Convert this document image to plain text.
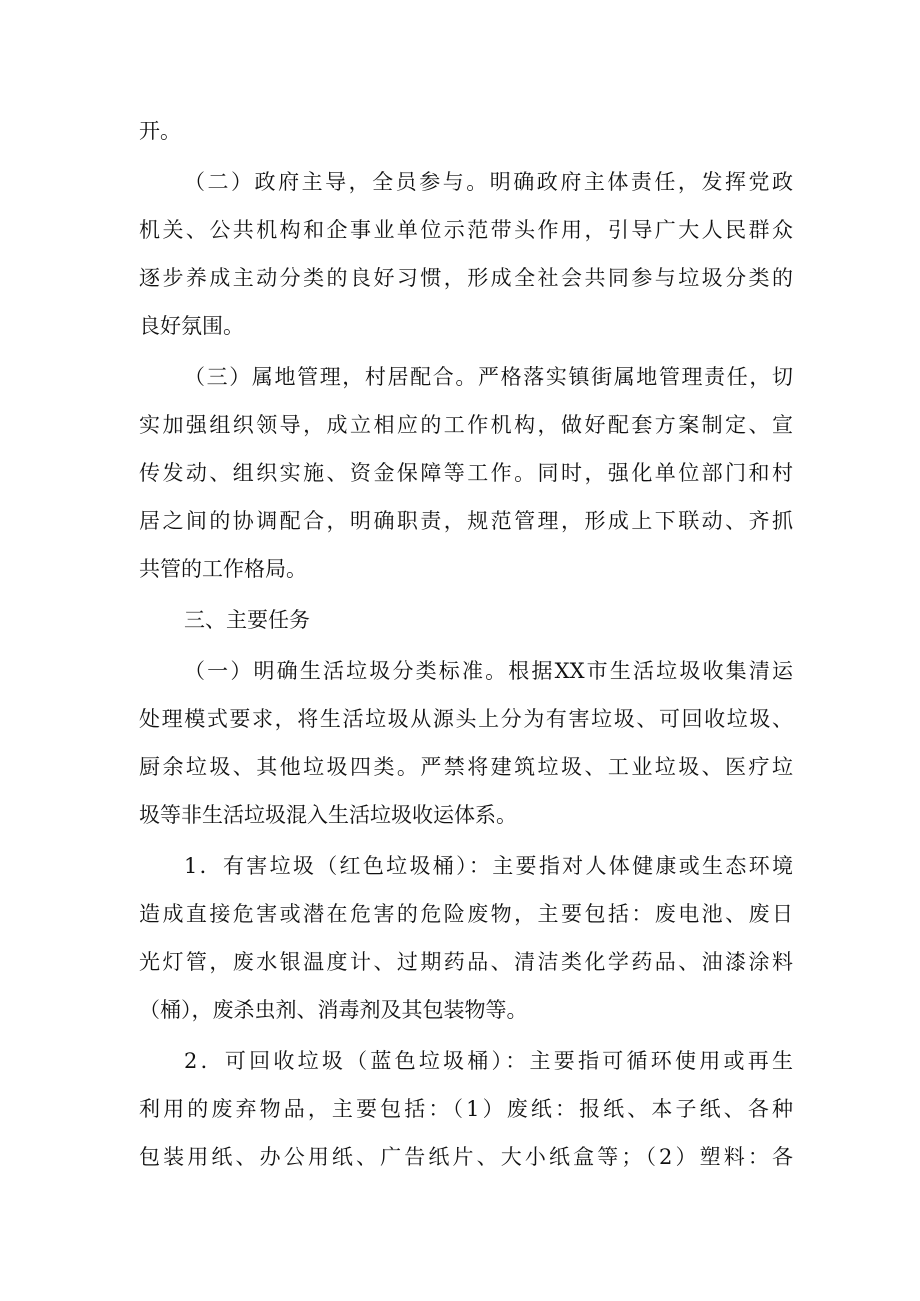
开。
（二）政府主导，全员参与。明确政府主体责任，发挥党政
机关、公共机构和企事业单位示范带头作用，引导广大人民群众
逐步养成主动分类的良好习惯，形成全社会共同参与垃圾分类的
良好氛围。
（三）属地管理，村居配合。严格落实镇街属地管理责任，切
实加强组织领导，成立相应的工作机构，做好配套方案制定、宣
传发动、组织实施、资金保障等工作。同时，强化单位部门和村
居之间的协调配合，明确职责，规范管理，形成上下联动、齐抓
共管的工作格局。
三、主要任务
（一）明确生活垃圾分类标准。根据XX市生活垃圾收集清运
处理模式要求，将生活垃圾从源头上分为有害垃圾、可回收垃圾、
厨余垃圾、其他垃圾四类。严禁将建筑垃圾、工业垃圾、医疗垃
圾等非生活垃圾混入生活垃圾收运体系。
1．有害垃圾（红色垃圾桶）：主要指对人体健康或生态环境
造成直接危害或潜在危害的危险废物，主要包括：废电池、废日
光灯管，废水银温度计、过期药品、清洁类化学药品、油漆涂料
（桶），废杀虫剂、消毒剂及其包装物等。
2．可回收垃圾（蓝色垃圾桶）：主要指可循环使用或再生
利用的废弃物品，主要包括：（1）废纸：报纸、本子纸、各种
包装用纸、办公用纸、广告纸片、大小纸盒等；（2）塑料：各
